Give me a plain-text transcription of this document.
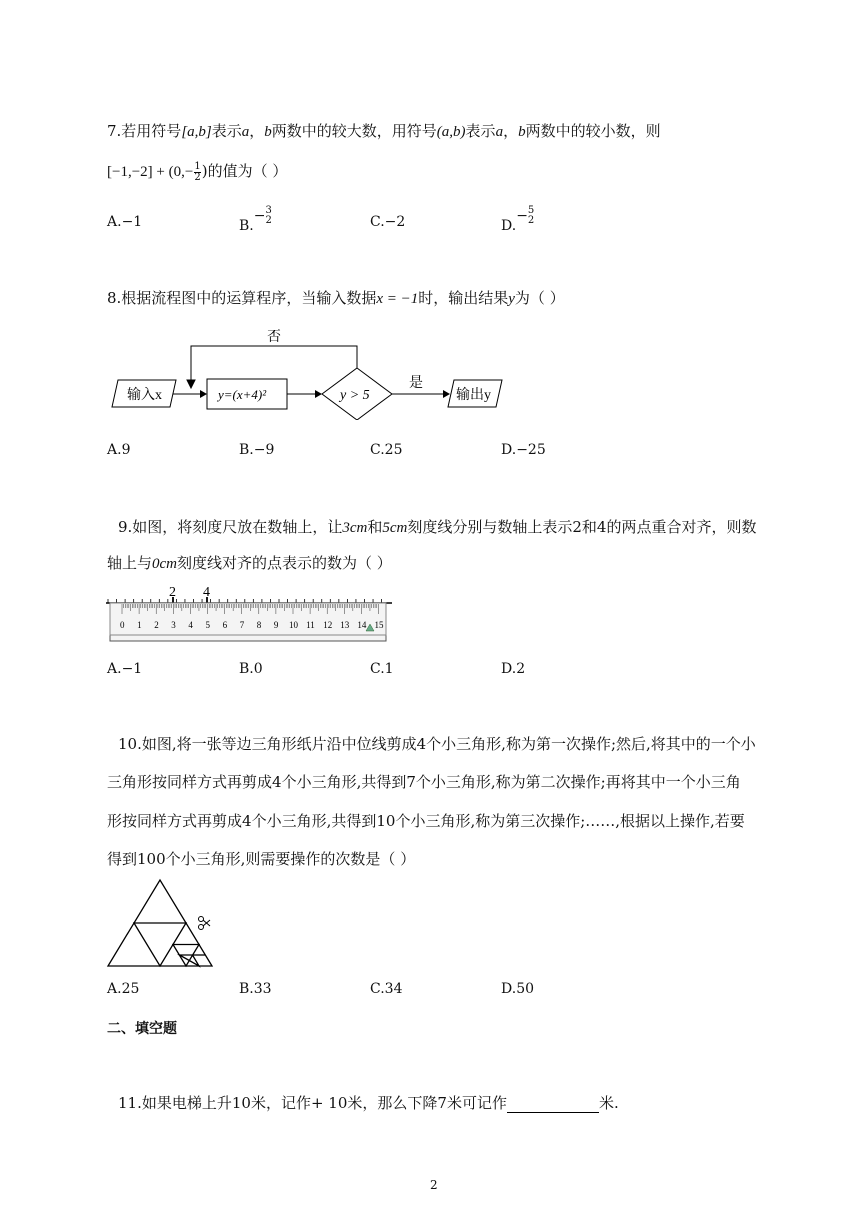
7.若用符号[a,b]表示a，b两数中的较大数，用符号(a,b)表示a，b两数中的较小数，则
$[-1,-2] + (0,- \frac{1}{2}$ )的值为（ ）
A.−1	B.− 3
2	C.−2	D.− 5
2
8.根据流程图中的运算程序，当输入数据x = −1时，输出结果y为（ ）
否
输入x	y=(x+4)²	y > 5
是
输出y
A.9	B.−9	C.25	D.−25
9.如图，将刻度尺放在数轴上，让3cm和5cm刻度线分别与数轴上表示2和4的两点重合对齐，则数
轴上与0cm刻度线对齐的点表示的数为（ ）
2 4
0 1 2 3 4 5 6 7 8 9 10 11 12 13 14 15
A.−1	B.0	C.1	D.2
10.如图,将一张等边三角形纸片沿中位线剪成4个小三角形,称为第一次操作;然后,将其中的一个小
三角形按同样方式再剪成4个小三角形,共得到7个小三角形,称为第二次操作;再将其中一个小三角
形按同样方式再剪成4个小三角形,共得到10个小三角形,称为第三次操作;……,根据以上操作,若要
得到100个小三角形,则需要操作的次数是（ ）
A.25	B.33	C.34	D.50
二、填空题
11.如果电梯上升10米，记作+ 10米，那么下降7米可记作	米.
2
